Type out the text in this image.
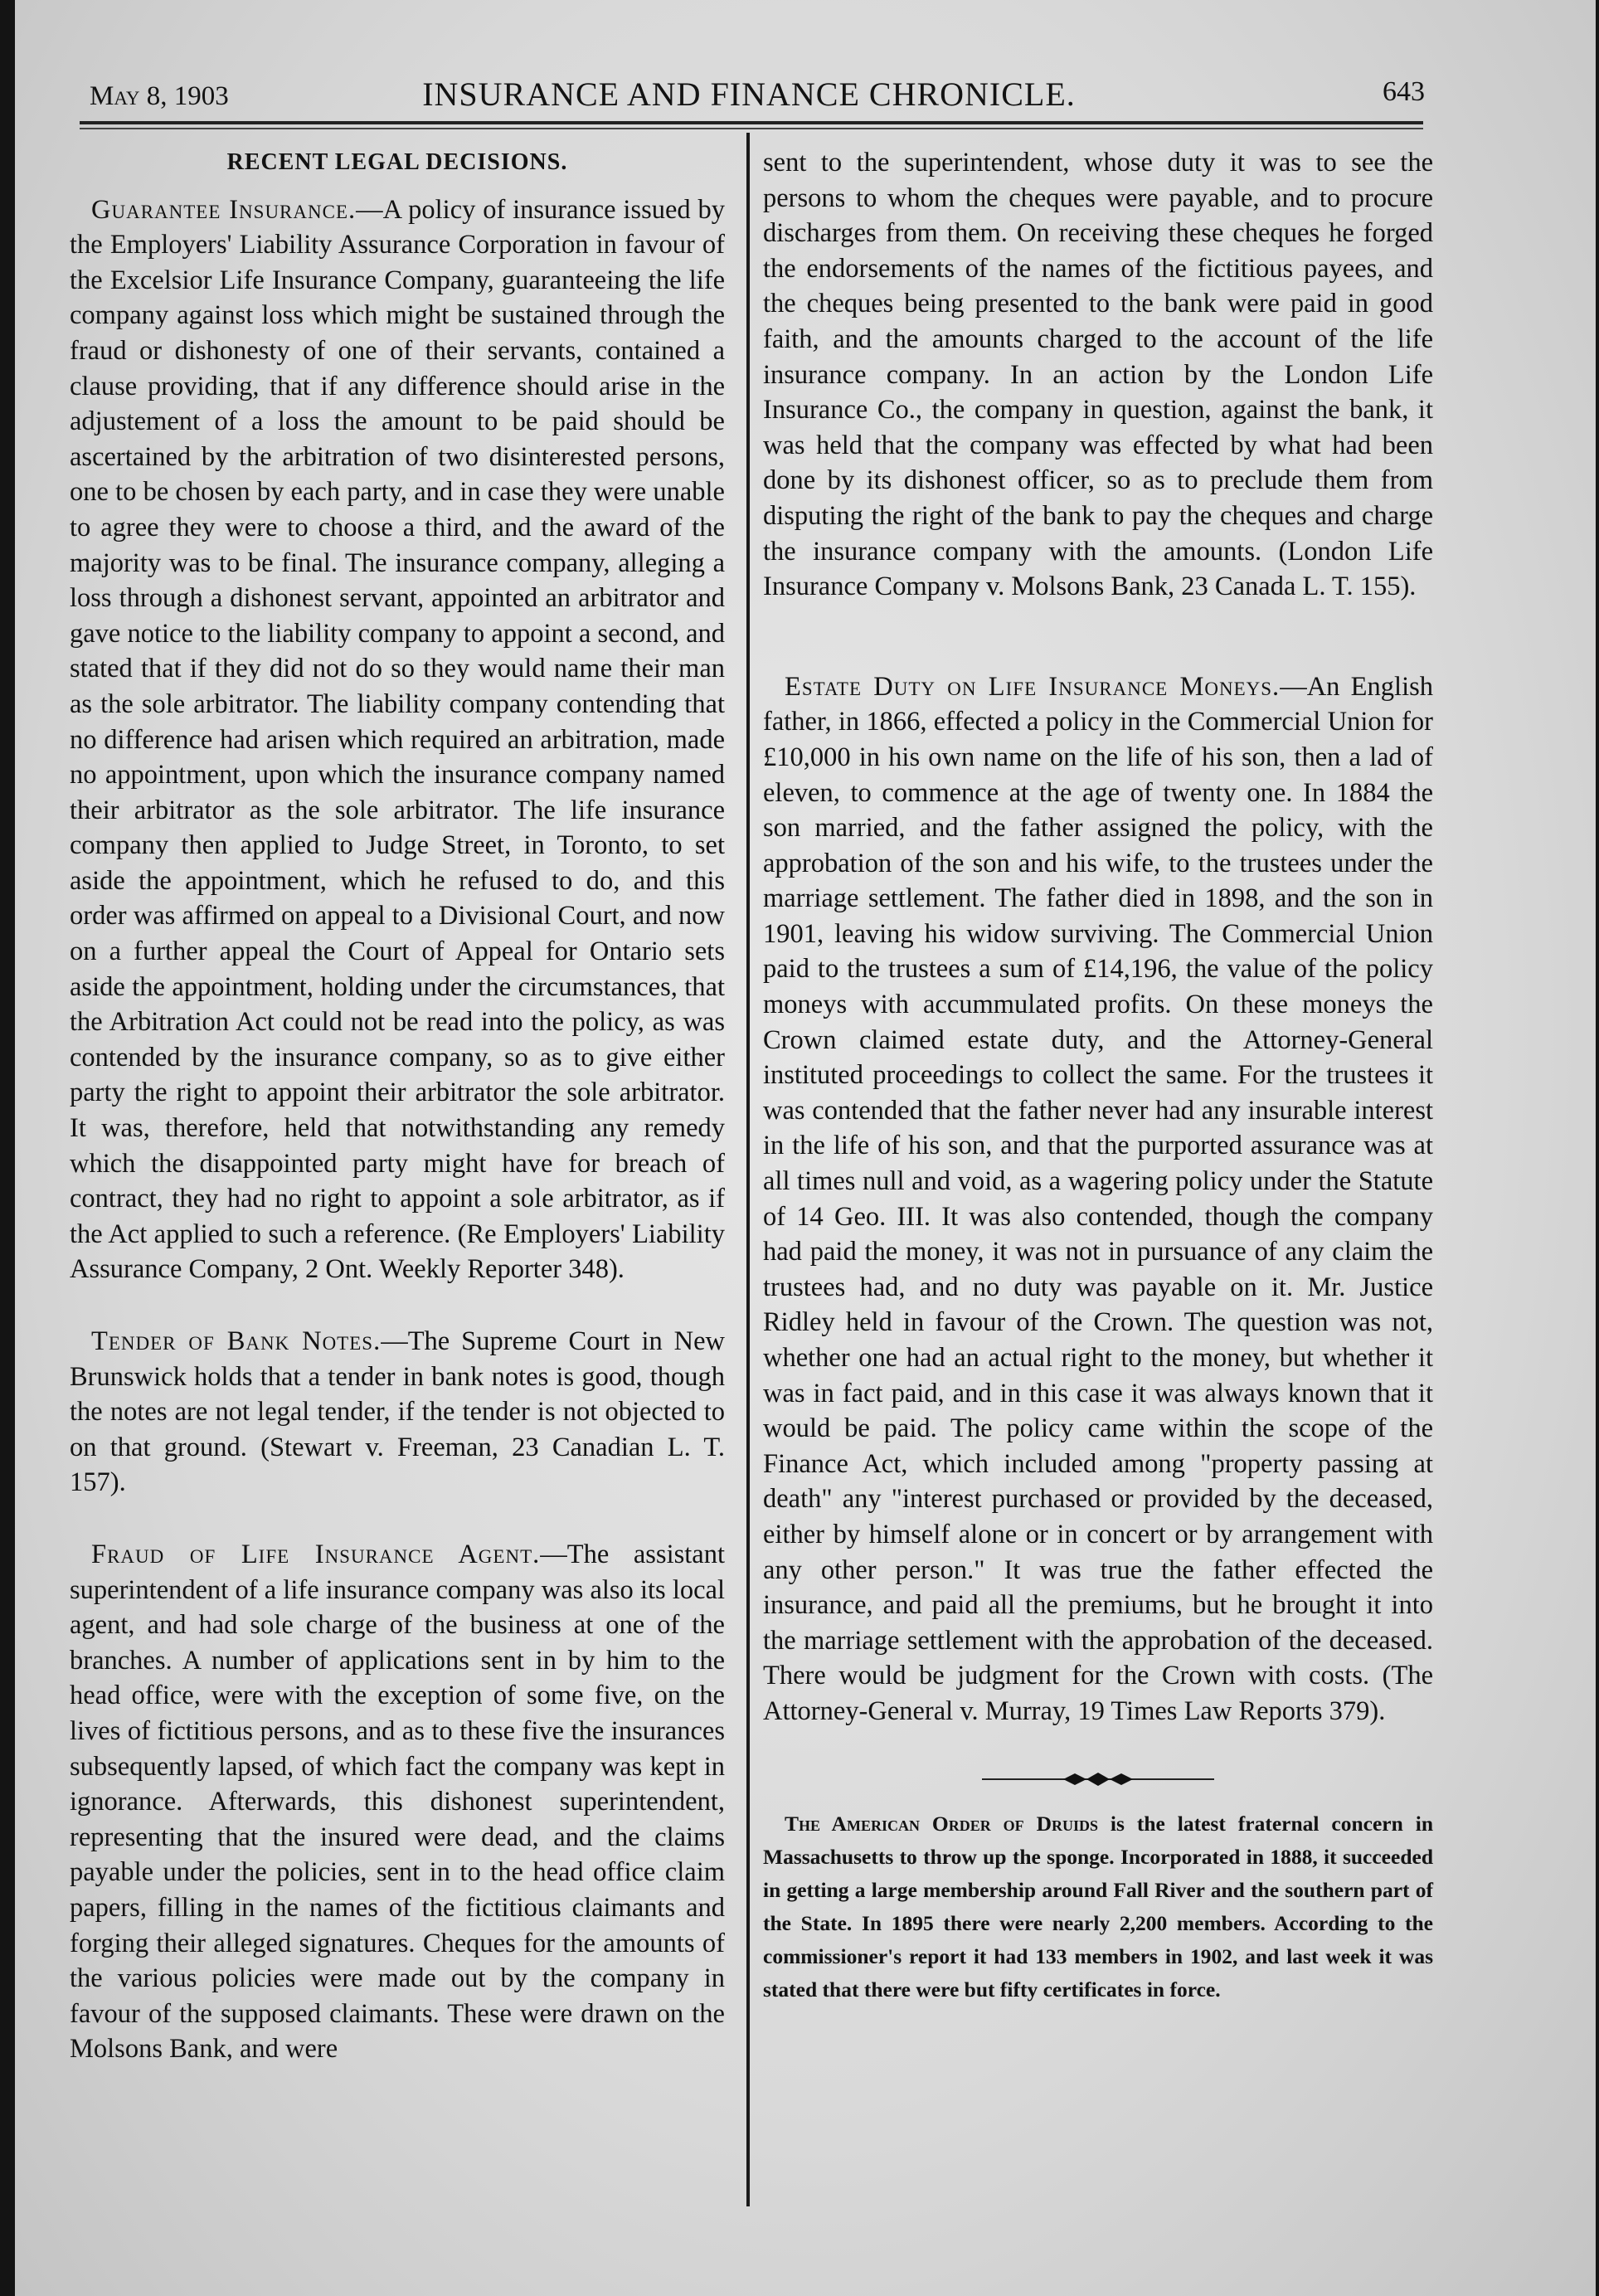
May 8, 1903	INSURANCE AND FINANCE CHRONICLE.	643
RECENT LEGAL DECISIONS.

Guarantee Insurance.—A policy of insurance issued by the Employers' Liability Assurance Corporation in favour of the Excelsior Life Insurance Company, guaranteeing the life company against loss which might be sustained through the fraud or dishonesty of one of their servants, contained a clause providing, that if any difference should arise in the adjustement of a loss the amount to be paid should be ascertained by the arbitration of two disinterested persons, one to be chosen by each party, and in case they were unable to agree they were to choose a third, and the award of the majority was to be final. The insurance company, alleging a loss through a dishonest servant, appointed an arbitrator and gave notice to the liability company to appoint a second, and stated that if they did not do so they would name their man as the sole arbitrator. The liability company contending that no difference had arisen which required an arbitration, made no appointment, upon which the insurance company named their arbitrator as the sole arbitrator. The life insurance company then applied to Judge Street, in Toronto, to set aside the appointment, which he refused to do, and this order was affirmed on appeal to a Divisional Court, and now on a further appeal the Court of Appeal for Ontario sets aside the appointment, holding under the circumstances, that the Arbitration Act could not be read into the policy, as was contended by the insurance company, so as to give either party the right to appoint their arbitrator the sole arbitrator. It was, therefore, held that notwithstanding any remedy which the disappointed party might have for breach of contract, they had no right to appoint a sole arbitrator, as if the Act applied to such a reference. (Re Employers' Liability Assurance Company, 2 Ont. Weekly Reporter 348).

Tender of Bank Notes.—The Supreme Court in New Brunswick holds that a tender in bank notes is good, though the notes are not legal tender, if the tender is not objected to on that ground. (Stewart v. Freeman, 23 Canadian L. T. 157).

Fraud of Life Insurance Agent.—The assistant superintendent of a life insurance company was also its local agent, and had sole charge of the business at one of the branches. A number of applications sent in by him to the head office, were with the exception of some five, on the lives of fictitious persons, and as to these five the insurances subsequently lapsed, of which fact the company was kept in ignorance. Afterwards, this dishonest superintendent, representing that the insured were dead, and the claims payable under the policies, sent in to the head office claim papers, filling in the names of the fictitious claimants and forging their alleged signatures. Cheques for the amounts of the various policies were made out by the company in favour of the supposed claimants. These were drawn on the Molsons Bank, and were

sent to the superintendent, whose duty it was to see the persons to whom the cheques were payable, and to procure discharges from them. On receiving these cheques he forged the endorsements of the names of the fictitious payees, and the cheques being presented to the bank were paid in good faith, and the amounts charged to the account of the life insurance company. In an action by the London Life Insurance Co., the company in question, against the bank, it was held that the company was effected by what had been done by its dishonest officer, so as to preclude them from disputing the right of the bank to pay the cheques and charge the insurance company with the amounts. (London Life Insurance Company v. Molsons Bank, 23 Canada L. T. 155).

Estate Duty on Life Insurance Moneys.—An English father, in 1866, effected a policy in the Commercial Union for £10,000 in his own name on the life of his son, then a lad of eleven, to commence at the age of twenty one. In 1884 the son married, and the father assigned the policy, with the approbation of the son and his wife, to the trustees under the marriage settlement. The father died in 1898, and the son in 1901, leaving his widow surviving. The Commercial Union paid to the trustees a sum of £14,196, the value of the policy moneys with accummulated profits. On these moneys the Crown claimed estate duty, and the Attorney-General instituted proceedings to collect the same. For the trustees it was contended that the father never had any insurable interest in the life of his son, and that the purported assurance was at all times null and void, as a wagering policy under the Statute of 14 Geo. III. It was also contended, though the company had paid the money, it was not in pursuance of any claim the trustees had, and no duty was payable on it. Mr. Justice Ridley held in favour of the Crown. The question was not, whether one had an actual right to the money, but whether it was in fact paid, and in this case it was always known that it would be paid. The policy came within the scope of the Finance Act, which included among "property passing at death" any "interest purchased or provided by the deceased, either by himself alone or in concert or by arrangement with any other person." It was true the father effected the insurance, and paid all the premiums, but he brought it into the marriage settlement with the approbation of the deceased. There would be judgment for the Crown with costs. (The Attorney-General v. Murray, 19 Times Law Reports 379).

The American Order of Druids is the latest fraternal concern in Massachusetts to throw up the sponge. Incorporated in 1888, it succeeded in getting a large membership around Fall River and the southern part of the State. In 1895 there were nearly 2,200 members. According to the commissioner's report it had 133 members in 1902, and last week it was stated that there were but fifty certificates in force.
